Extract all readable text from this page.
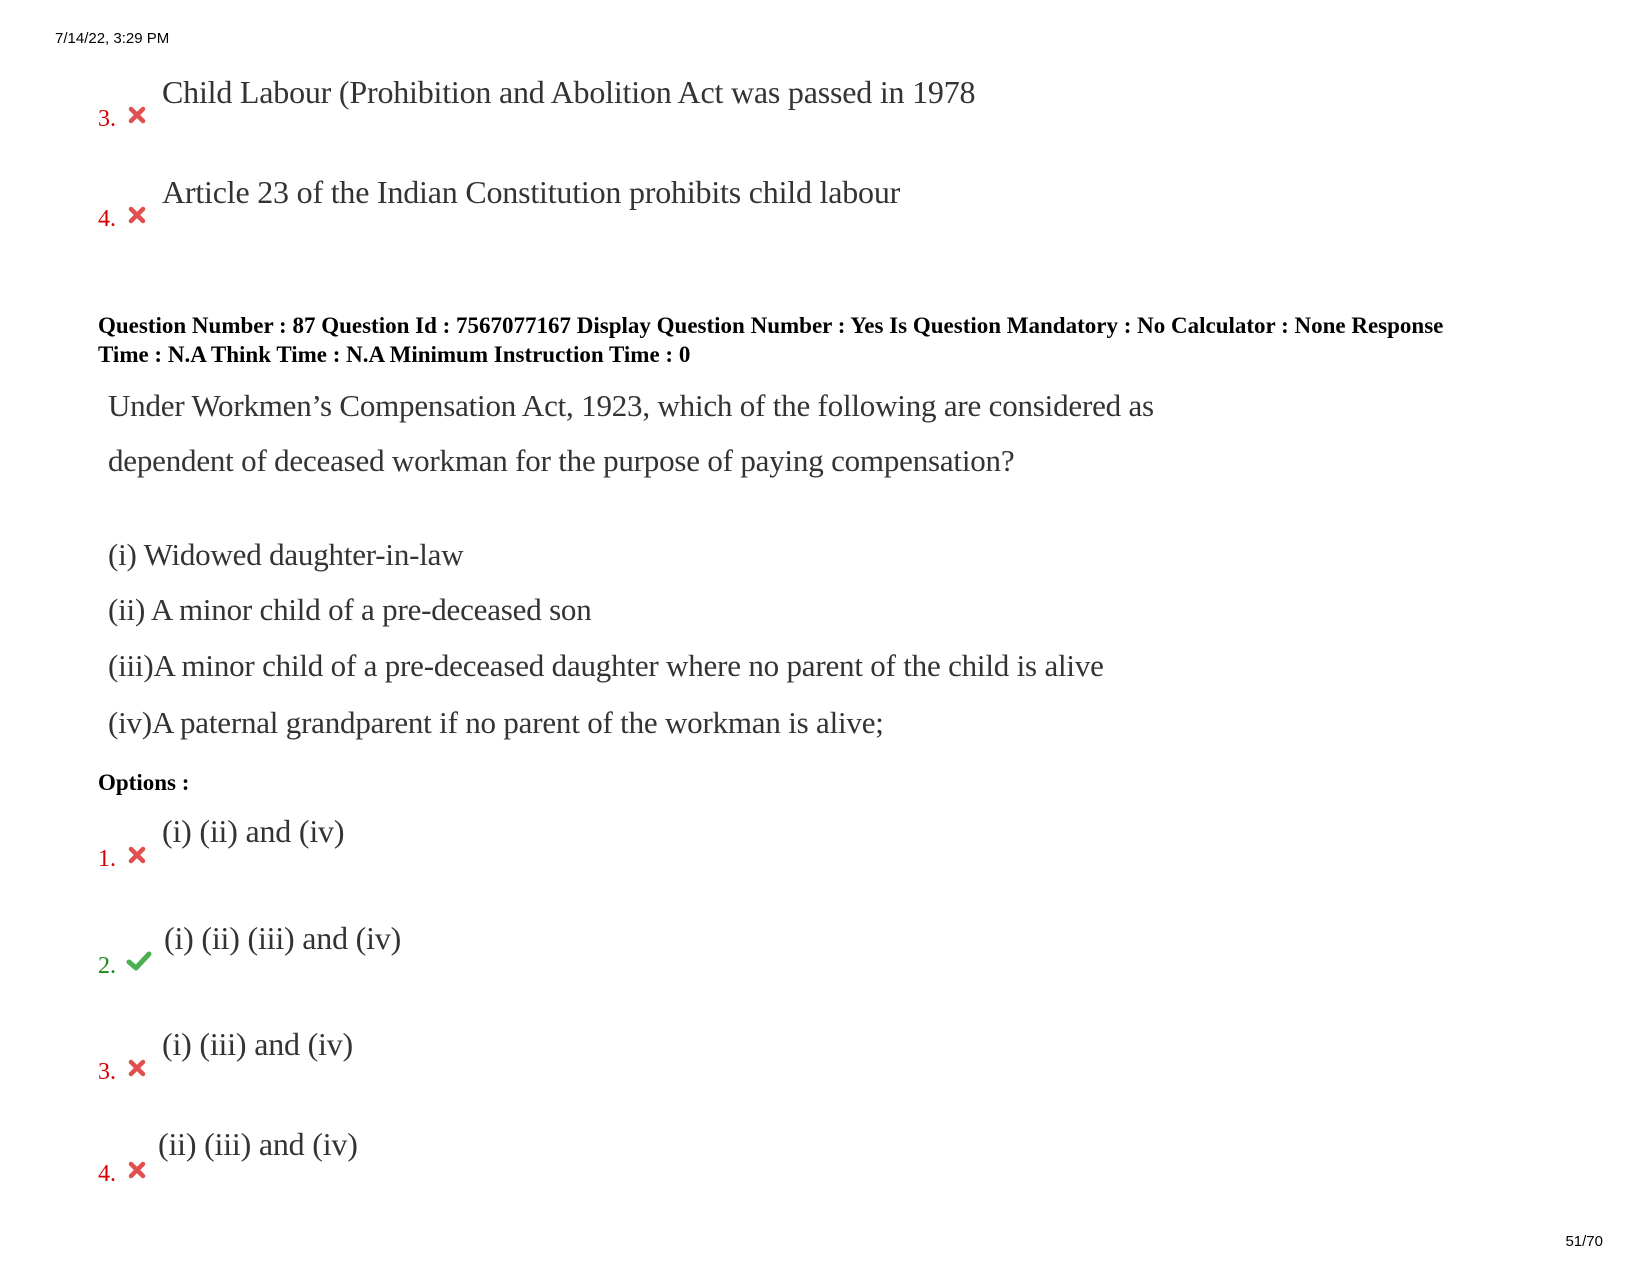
7/14/22, 3:29 PM
3.
Child Labour (Prohibition and Abolition Act was passed in 1978
4.
Article 23 of the Indian Constitution prohibits child labour
Question Number : 87 Question Id : 7567077167 Display Question Number : Yes Is Question Mandatory : No Calculator : None Response
Time : N.A Think Time : N.A Minimum Instruction Time : 0
Under Workmen’s Compensation Act, 1923, which of the following are considered as
dependent of deceased workman for the purpose of paying compensation?
(i) Widowed daughter-in-law
(ii) A minor child of a pre-deceased son
(iii)A minor child of a pre-deceased daughter where no parent of the child is alive
(iv)A paternal grandparent if no parent of the workman is alive;
Options :
1.
(i) (ii) and (iv)
2.
(i) (ii) (iii) and (iv)
3.
(i) (iii) and (iv)
4.
(ii) (iii) and (iv)
51/70
